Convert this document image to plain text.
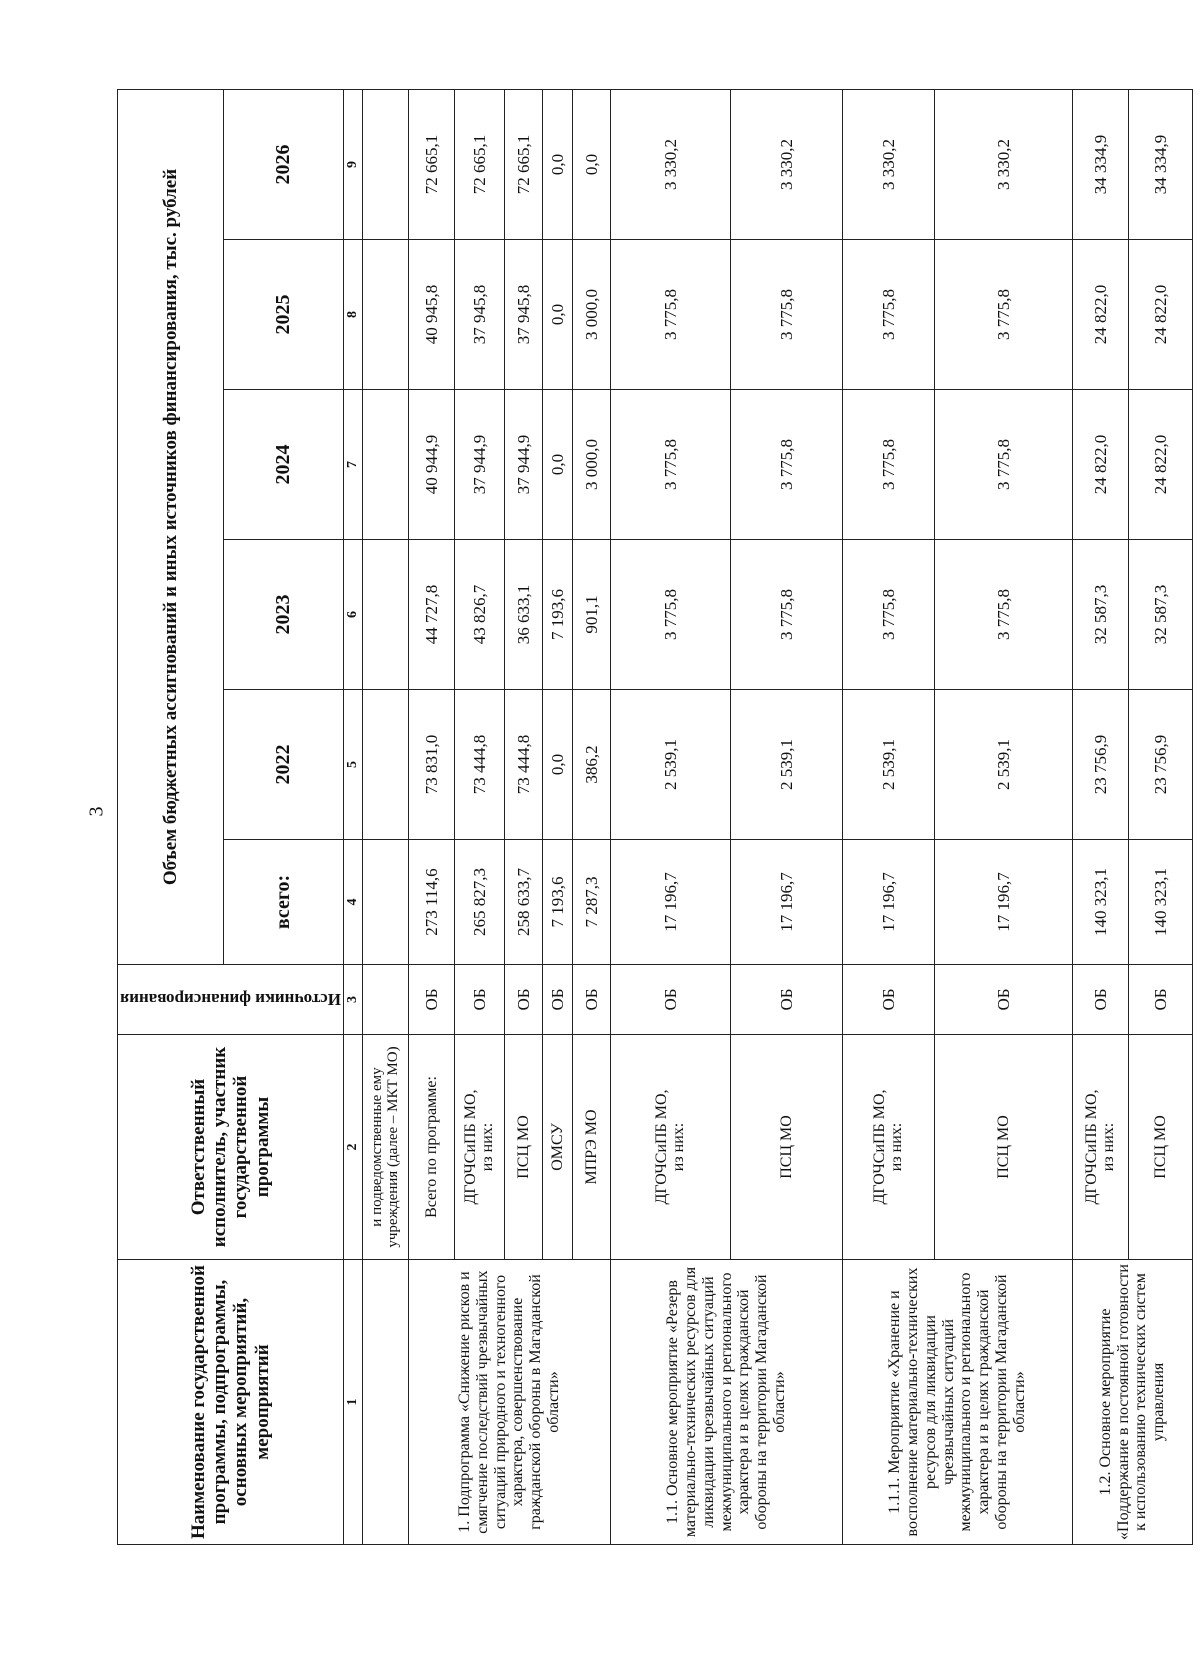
3
Наименование государственной программы, подпрограммы, основных мероприятий, мероприятий	Ответственный исполнитель, участник государственной программы	Источники финансирования	Объем бюджетных ассигнований и иных источников финансирования, тыс. рублей					
			всего:	2022	2023	2024	2025	2026
1	2	3	4	5	6	7	8	9
	и подведомственные ему учреждения (далее – МКТ МО)							
1. Подпрограмма «Снижение рисков и смягчение последствий чрезвычайных ситуаций природного и техногенного характера, совершенствование гражданской обороны в Магаданской области»	Всего по программе:	ОБ	273 114,6	73 831,0	44 727,8	40 944,9	40 945,8	72 665,1
	ДГОЧСиПБ МО,
из них:	ОБ	265 827,3	73 444,8	43 826,7	37 944,9	37 945,8	72 665,1
	ПСЦ МО	ОБ	258 633,7	73 444,8	36 633,1	37 944,9	37 945,8	72 665,1
	ОМСУ	ОБ	7 193,6	0,0	7 193,6	0,0	0,0	0,0
	МПРЭ МО	ОБ	7 287,3	386,2	901,1	3 000,0	3 000,0	0,0
1.1. Основное мероприятие «Резерв материально-технических ресурсов для ликвидации чрезвычайных ситуаций межмуниципального и регионального характера и в целях гражданской обороны на территории Магаданской области»	ДГОЧСиПБ МО,
из них:	ОБ	17 196,7	2 539,1	3 775,8	3 775,8	3 775,8	3 330,2
	ПСЦ МО	ОБ	17 196,7	2 539,1	3 775,8	3 775,8	3 775,8	3 330,2
1.1.1. Мероприятие «Хранение и восполнение материально-технических ресурсов для ликвидации чрезвычайных ситуаций межмуниципального и регионального характера и в целях гражданской обороны на территории Магаданской области»	ДГОЧСиПБ МО,
из них:	ОБ	17 196,7	2 539,1	3 775,8	3 775,8	3 775,8	3 330,2
	ПСЦ МО	ОБ	17 196,7	2 539,1	3 775,8	3 775,8	3 775,8	3 330,2
1.2. Основное мероприятие «Поддержание в постоянной готовности к использованию технических систем управления	ДГОЧСиПБ МО,
из них:	ОБ	140 323,1	23 756,9	32 587,3	24 822,0	24 822,0	34 334,9
	ПСЦ МО	ОБ	140 323,1	23 756,9	32 587,3	24 822,0	24 822,0	34 334,9
